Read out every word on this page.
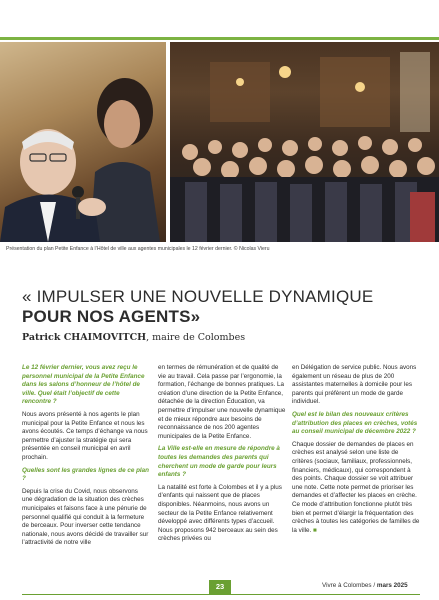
Présentation du plan Petite Enfance à l’Hôtel de ville aux agentes municipales le 12 février dernier. © Nicolas Vieru
« IMPULSER UNE NOUVELLE DYNAMIQUE
POUR NOS AGENTS»
Patrick CHAIMOVITCH, maire de Colombes

Le 12 février dernier, vous avez reçu le personnel municipal de la Petite Enfance dans les salons d’honneur de l’hôtel de ville. Quel était l’objectif de cette rencontre ?

Nous avons présenté à nos agents le plan municipal pour la Petite Enfance et nous les avons écoutés. Ce temps d’échange va nous permettre d’ajuster la stratégie qui sera présentée en conseil municipal en avril prochain.

Quelles sont les grandes lignes de ce plan ?

Depuis la crise du Covid, nous observons une dégradation de la situation des crèches municipales et faisons face à une pénurie de personnel qualifié qui conduit à la fermeture de berceaux. Pour inverser cette tendance nationale, nous avons décidé de travailler sur l’attractivité de notre ville

en termes de rémunération et de qualité de vie au travail. Cela passe par l’ergonomie, la formation, l’échange de bonnes pratiques. La création d’une direction de la Petite Enfance, détachée de la direction Éducation, va permettre d’impulser une nouvelle dynamique et de mieux répondre aux besoins de reconnaissance de nos 200 agentes municipales de la Petite Enfance.

La Ville est-elle en mesure de répondre à toutes les demandes des parents qui cherchent un mode de garde pour leurs enfants ?

La natalité est forte à Colombes et il y a plus d’enfants qui naissent que de places disponibles. Néanmoins, nous avons un secteur de la Petite Enfance relativement développé avec différents types d’accueil. Nous proposons 942 berceaux au sein des crèches privées ou

en Délégation de service public. Nous avons également un réseau de plus de 200 assistantes maternelles à domicile pour les parents qui préfèrent un mode de garde individuel.

Quel est le bilan des nouveaux critères d’attribution des places en crèches, votés au conseil municipal de décembre 2022 ?

Chaque dossier de demandes de places en crèches est analysé selon une liste de critères (sociaux, familiaux, professionnels, financiers, médicaux), qui correspondent à des points. Chaque dossier se voit attribuer une note. Cette note permet de prioriser les demandes et d’affecter les places en crèche. Ce mode d’attribution fonctionne plutôt très bien et permet d’élargir la fréquentation des crèches à toutes les catégories de familles de la ville. ■

23	Vivre à Colombes / mars 2025
